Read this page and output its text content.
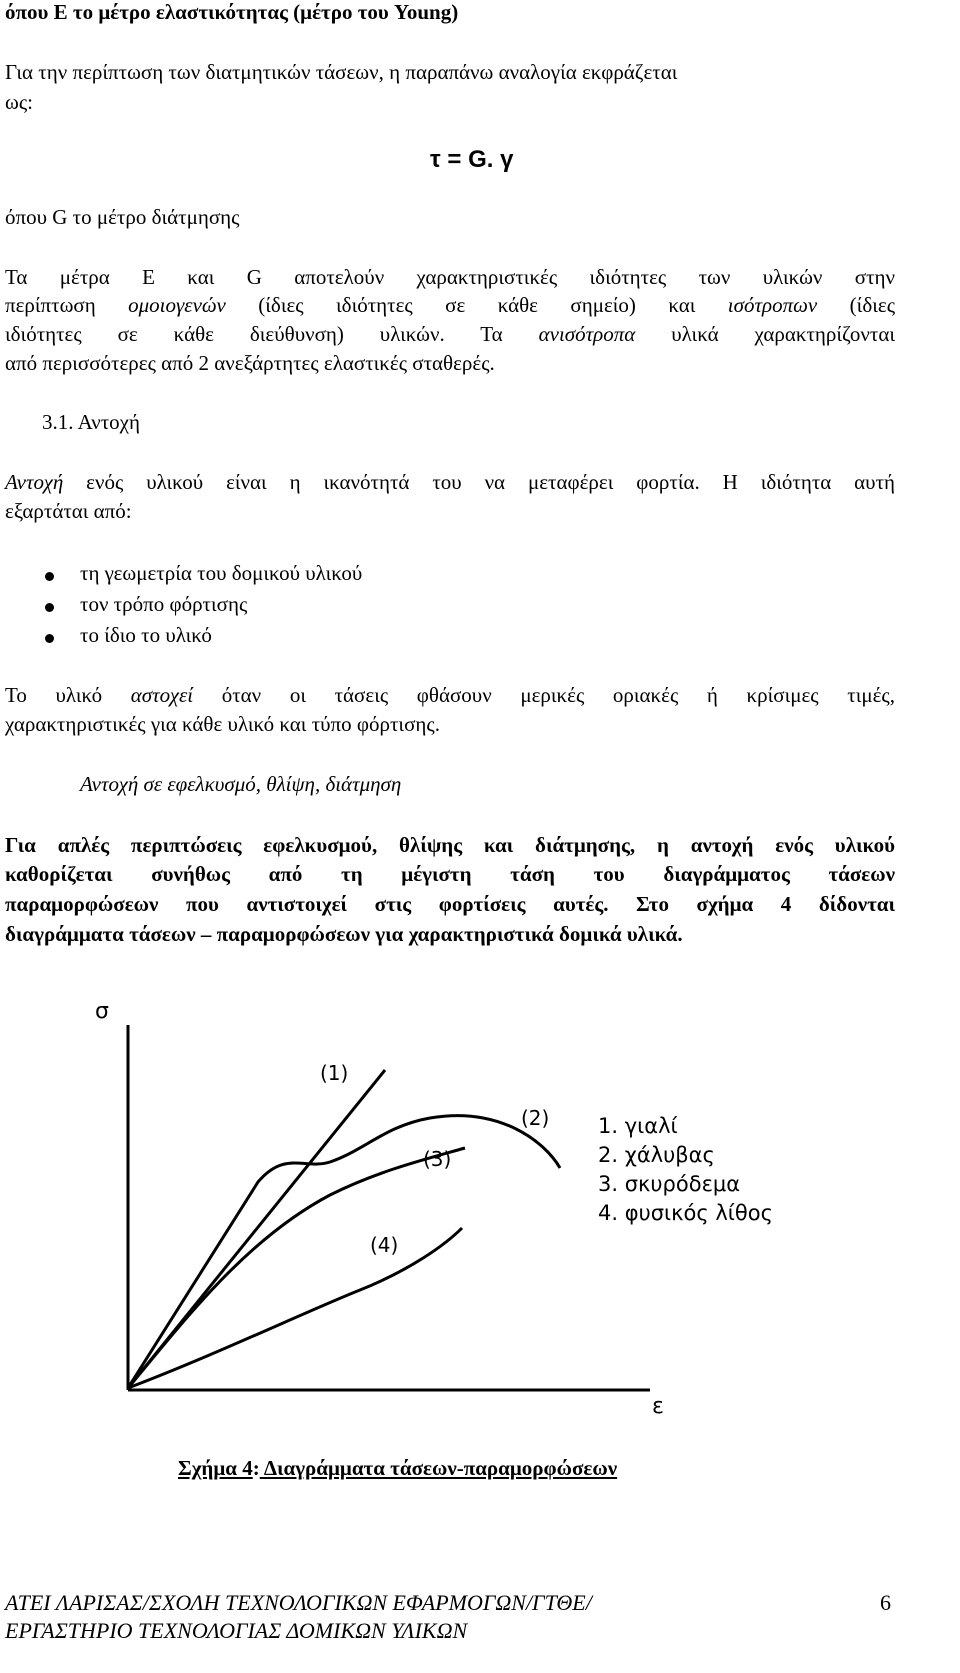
όπου Ε το μέτρο ελαστικότητας (μέτρο του Young)
Για την περίπτωση των διατμητικών τάσεων, η παραπάνω αναλογία εκφράζεται
ως:
τ = G. γ
όπου G το μέτρο διάτμησης
Τα μέτρα Ε και G αποτελούν χαρακτηριστικές ιδιότητες των υλικών στην
περίπτωση ομοιογενών (ίδιες ιδιότητες σε κάθε σημείο) και ισότροπων (ίδιες
ιδιότητες σε κάθε διεύθυνση) υλικών. Τα ανισότροπα υλικά χαρακτηρίζονται
από περισσότερες από 2 ανεξάρτητες ελαστικές σταθερές.
3.1. Αντοχή
Αντοχή ενός υλικού είναι η ικανότητά του να μεταφέρει φορτία. Η ιδιότητα αυτή
εξαρτάται από:
τη γεωμετρία του δομικού υλικού
τον τρόπο φόρτισης
το ίδιο το υλικό
Το υλικό αστοχεί όταν οι τάσεις φθάσουν μερικές οριακές ή κρίσιμες τιμές,
χαρακτηριστικές για κάθε υλικό και τύπο φόρτισης.
Αντοχή σε εφελκυσμό, θλίψη, διάτμηση
Για απλές περιπτώσεις εφελκυσμού, θλίψης και διάτμησης, η αντοχή ενός υλικού
καθορίζεται συνήθως από τη μέγιστη τάση του διαγράμματος τάσεων
παραμορφώσεων που αντιστοιχεί στις φορτίσεις αυτές. Στο σχήμα 4 δίδονται
διαγράμματα τάσεων – παραμορφώσεων για χαρακτηριστικά δομικά υλικά.
σ
ε
(1)
(2)
(3)
(4)
1. γιαλί
2. χάλυβας
3. σκυρόδεμα
4. φυσικός λίθος
Σχήμα 4: Διαγράμματα τάσεων-παραμορφώσεων
ΑΤΕΙ ΛΑΡΙΣΑΣ/ΣΧΟΛΗ ΤΕΧΝΟΛΟΓΙΚΩΝ ΕΦΑΡΜΟΓΩΝ/ΓΤΘΕ/
ΕΡΓΑΣΤΗΡΙΟ ΤΕΧΝΟΛΟΓΙΑΣ ΔΟΜΙΚΩΝ ΥΛΙΚΩΝ
6
